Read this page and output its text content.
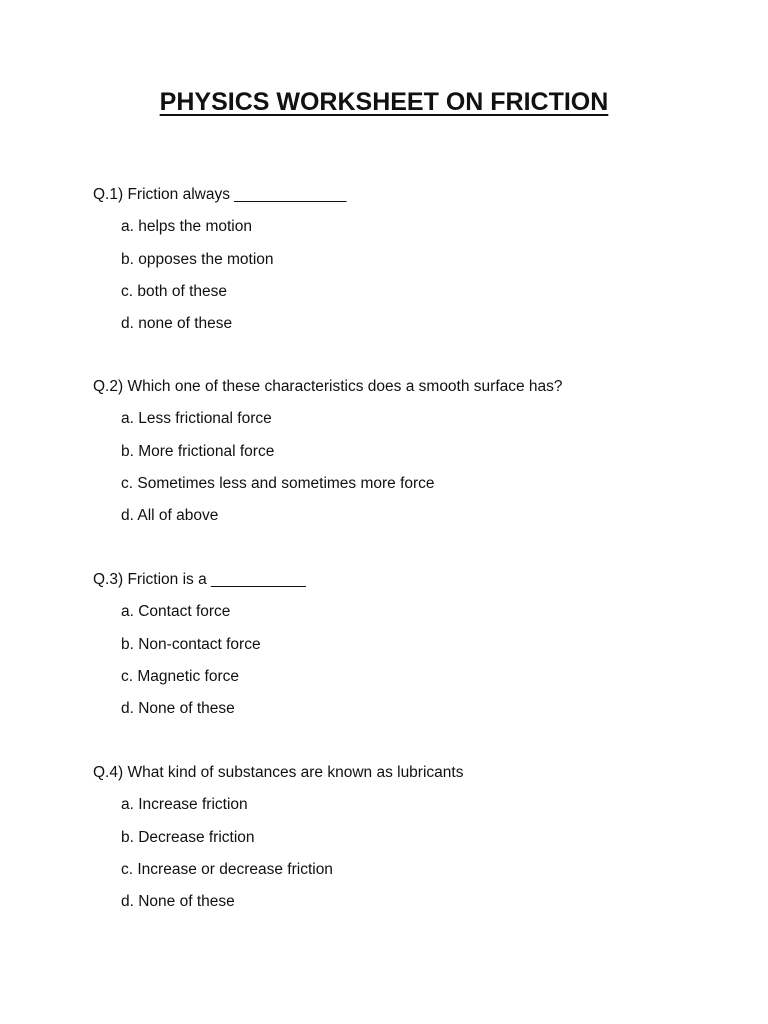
PHYSICS WORKSHEET ON FRICTION
Q.1) Friction always _____________
a. helps the motion
b. opposes the motion
c. both of these
d. none of these
Q.2) Which one of these characteristics does a smooth surface has?
a. Less frictional force
b. More frictional force
c. Sometimes less and sometimes more force
d. All of above
Q.3) Friction is a ___________
a. Contact force
b. Non-contact force
c. Magnetic force
d. None of these
Q.4) What kind of substances are known as lubricants
a. Increase friction
b. Decrease friction
c. Increase or decrease friction
d. None of these
